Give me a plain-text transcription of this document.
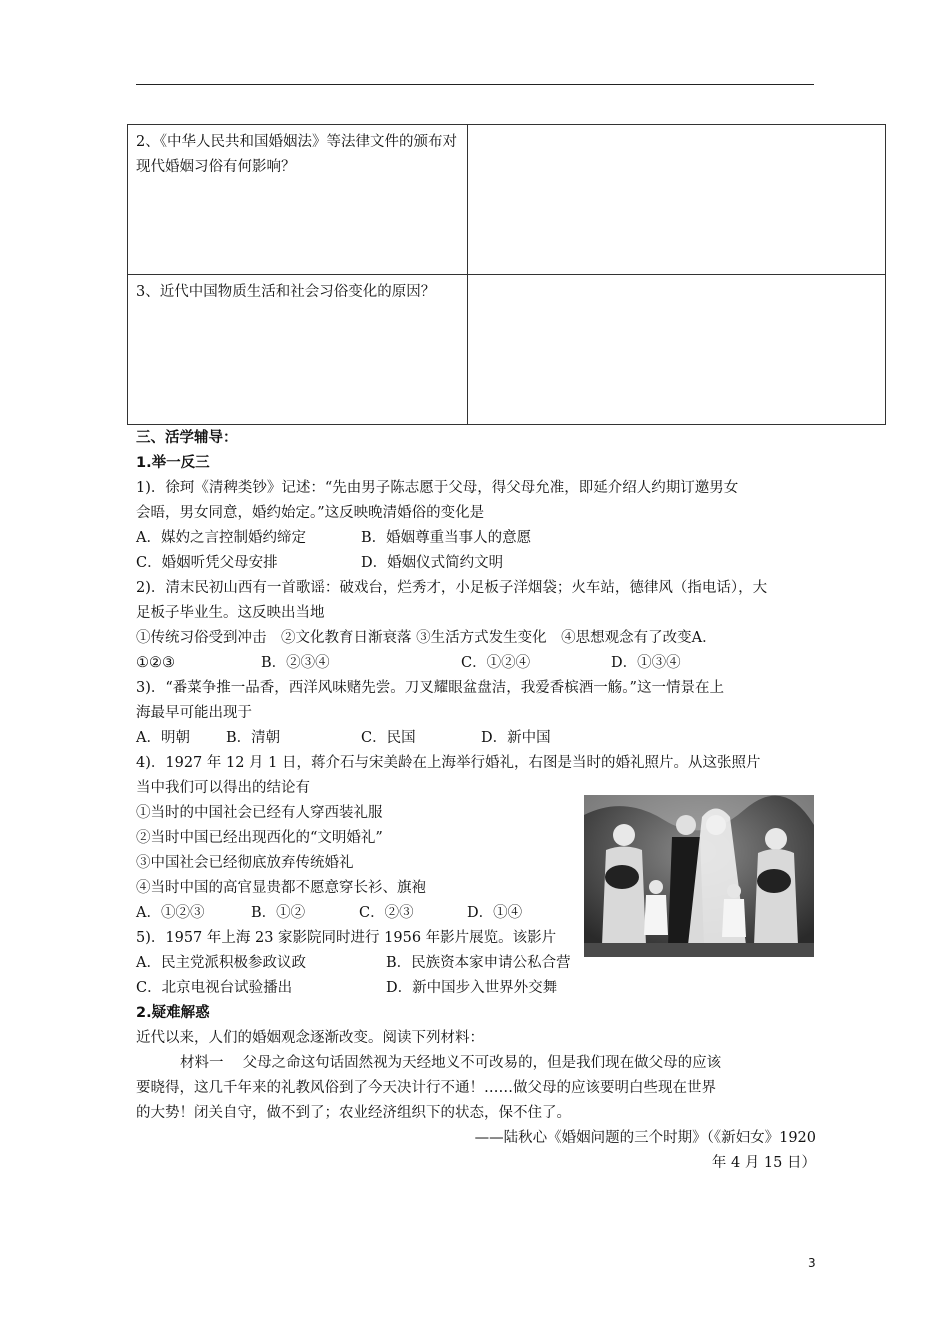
2、《中华人民共和国婚姻法》等法律文件的颁布对现代婚姻习俗有何影响？	
3、近代中国物质生活和社会习俗变化的原因？	

三、活学辅导：

1.举一反三

1)．徐珂《清稗类钞》记述：“先由男子陈志愿于父母，得父母允准，即延介绍人约期订邀男女

会晤，男女同意，婚约始定。”这反映晚清婚俗的变化是

A．媒妁之言控制婚约缔定	B．婚姻尊重当事人的意愿

C．婚姻听凭父母安排	D．婚姻仪式简约文明

2)．清末民初山西有一首歌谣：破戏台，烂秀才，小足板子洋烟袋；火车站，德律风（指电话），大

足板子毕业生。这反映出当地

①传统习俗受到冲击　②文化教育日渐衰落 ③生活方式发生变化　④思想观念有了改变A．

①②③	B．②③④	C．①②④	D．①③④

3)．“番菜争推一品香，西洋风味赌先尝。刀叉耀眼盆盘洁，我爱香槟酒一觞。”这一情景在上

海最早可能出现于

A．明朝	B．清朝	C．民国	D．新中国

4)．1927 年 12 月 1 日，蒋介石与宋美龄在上海举行婚礼，右图是当时的婚礼照片。从这张照片

当中我们可以得出的结论有

①当时的中国社会已经有人穿西装礼服

②当时中国已经出现西化的“文明婚礼”

③中国社会已经彻底放弃传统婚礼

④当时中国的高官显贵都不愿意穿长衫、旗袍

A．①②③	B．①②	C．②③	D．①④

5)．1957 年上海 23 家影院同时进行 1956 年影片展览。该影片

A．民主党派积极参政议政	B．民族资本家申请公私合营

C．北京电视台试验播出	D．新中国步入世界外交舞

2.疑难解惑

近代以来，人们的婚姻观念逐渐改变。阅读下列材料：

材料一　 父母之命这句话固然视为天经地义不可改易的，但是我们现在做父母的应该

要晓得，这几千年来的礼教风俗到了今天决计行不通！……做父母的应该要明白些现在世界

的大势！闭关自守，做不到了；农业经济组织下的状态，保不住了。

——陆秋心《婚姻问题的三个时期》（《新妇女》1920

年 4 月 15 日）

3
